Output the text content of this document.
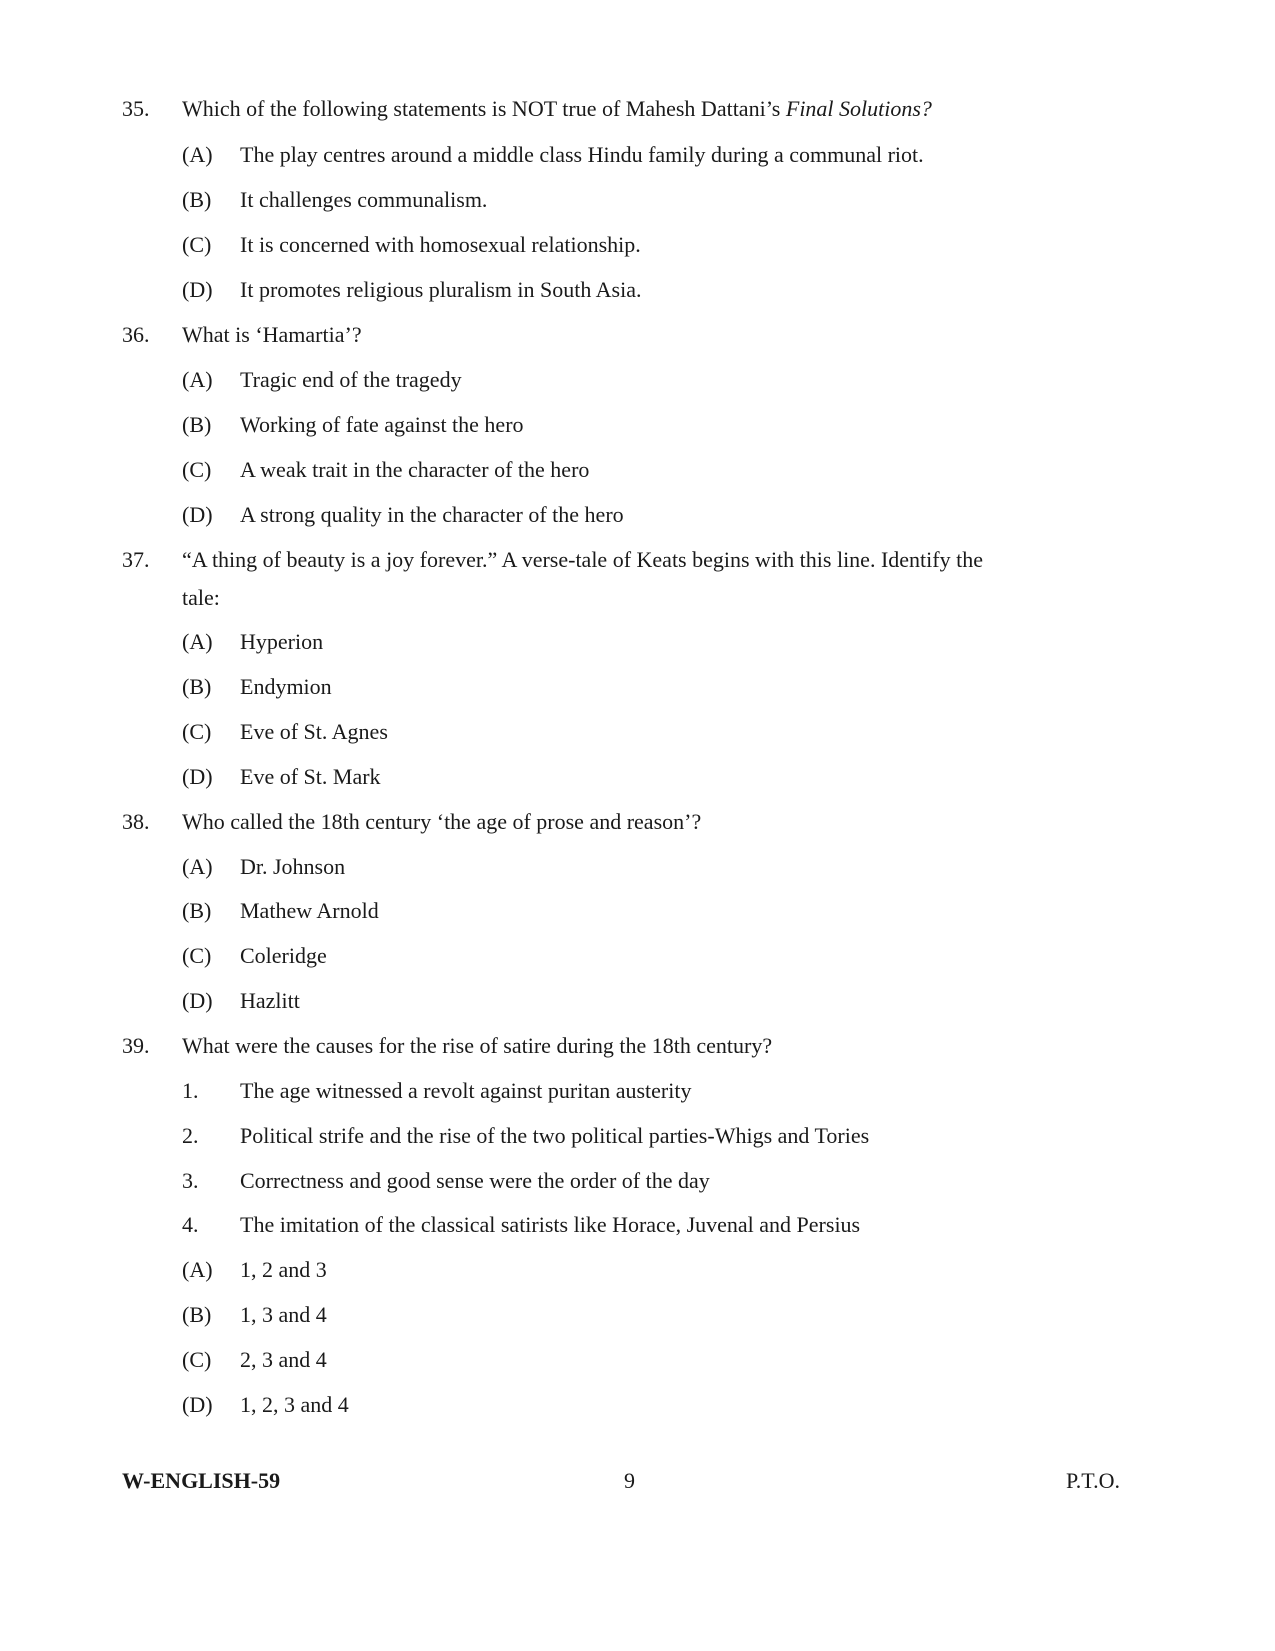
35. Which of the following statements is NOT true of Mahesh Dattani’s Final Solutions?
(A) The play centres around a middle class Hindu family during a communal riot.
(B) It challenges communalism.
(C) It is concerned with homosexual relationship.
(D) It promotes religious pluralism in South Asia.
36. What is ‘Hamartia’?
(A) Tragic end of the tragedy
(B) Working of fate against the hero
(C) A weak trait in the character of the hero
(D) A strong quality in the character of the hero
37. “A thing of beauty is a joy forever.” A verse-tale of Keats begins with this line. Identify the
tale:
(A) Hyperion
(B) Endymion
(C) Eve of St. Agnes
(D) Eve of St. Mark
38. Who called the 18th century ‘the age of prose and reason’?
(A) Dr. Johnson
(B) Mathew Arnold
(C) Coleridge
(D) Hazlitt
39. What were the causes for the rise of satire during the 18th century?
1. The age witnessed a revolt against puritan austerity
2. Political strife and the rise of the two political parties-Whigs and Tories
3. Correctness and good sense were the order of the day
4. The imitation of the classical satirists like Horace, Juvenal and Persius
(A) 1, 2 and 3
(B) 1, 3 and 4
(C) 2, 3 and 4
(D) 1, 2, 3 and 4
W-ENGLISH-59	9	P.T.O.
